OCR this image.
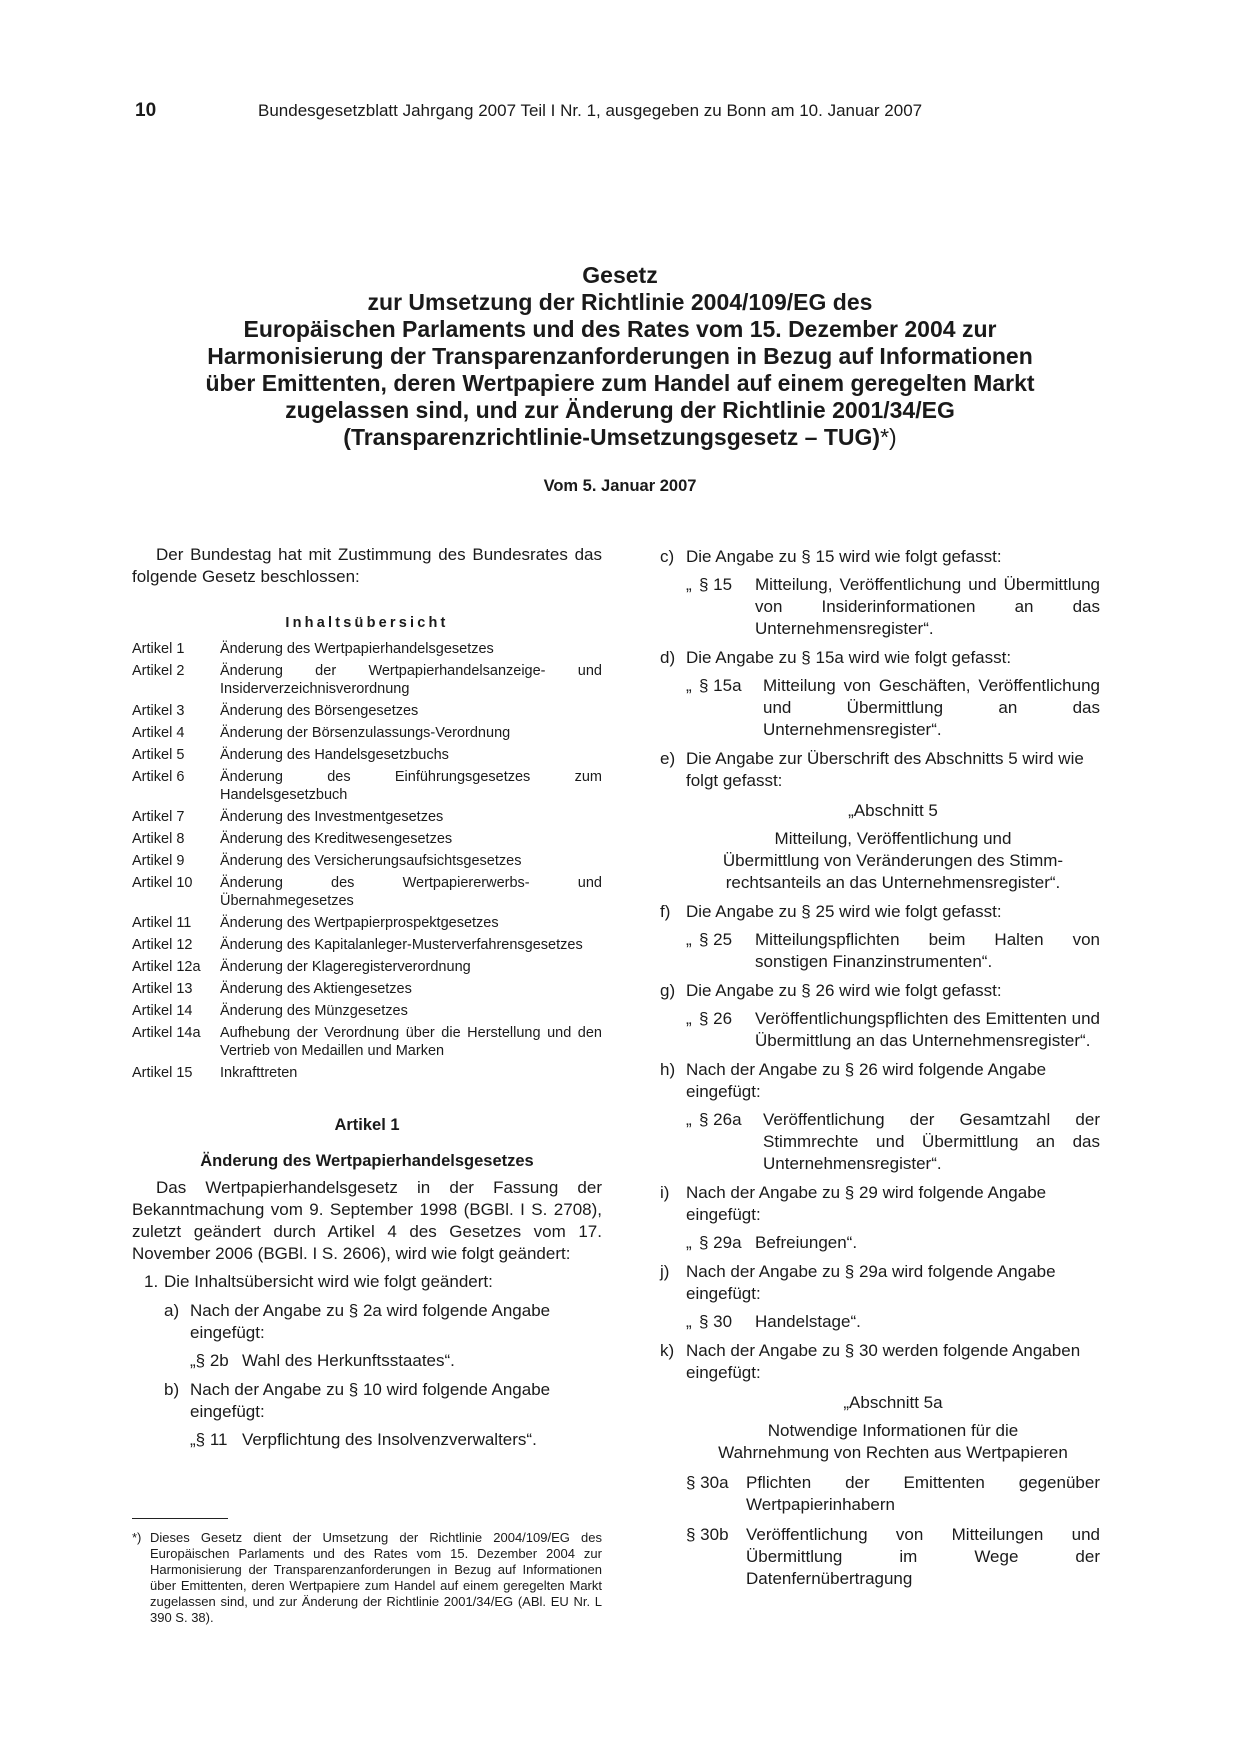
10	Bundesgesetzblatt Jahrgang 2007 Teil I Nr. 1, ausgegeben zu Bonn am 10. Januar 2007
Gesetz
zur Umsetzung der Richtlinie 2004/109/EG des
Europäischen Parlaments und des Rates vom 15. Dezember 2004 zur
Harmonisierung der Transparenzanforderungen in Bezug auf Informationen
über Emittenten, deren Wertpapiere zum Handel auf einem geregelten Markt
zugelassen sind, und zur Änderung der Richtlinie 2001/34/EG
(Transparenzrichtlinie-Umsetzungsgesetz – TUG)*)
Vom 5. Januar 2007

Der Bundestag hat mit Zustimmung des Bundesrates das folgende Gesetz beschlossen:

Inhaltsübersicht
Artikel 1	Änderung des Wertpapierhandelsgesetzes
Artikel 2	Änderung der Wertpapierhandelsanzeige- und Insiderverzeichnisverordnung
Artikel 3	Änderung des Börsengesetzes
Artikel 4	Änderung der Börsenzulassungs-Verordnung
Artikel 5	Änderung des Handelsgesetzbuchs
Artikel 6	Änderung des Einführungsgesetzes zum Handelsgesetzbuch
Artikel 7	Änderung des Investmentgesetzes
Artikel 8	Änderung des Kreditwesengesetzes
Artikel 9	Änderung des Versicherungsaufsichtsgesetzes
Artikel 10	Änderung des Wertpapiererwerbs- und Übernahmegesetzes
Artikel 11	Änderung des Wertpapierprospektgesetzes
Artikel 12	Änderung des Kapitalanleger-Musterverfahrensgesetzes
Artikel 12a	Änderung der Klageregisterverordnung
Artikel 13	Änderung des Aktiengesetzes
Artikel 14	Änderung des Münzgesetzes
Artikel 14a	Aufhebung der Verordnung über die Herstellung und den Vertrieb von Medaillen und Marken
Artikel 15	Inkrafttreten
Artikel 1
Änderung des Wertpapierhandelsgesetzes

Das Wertpapierhandelsgesetz in der Fassung der Bekanntmachung vom 9. September 1998 (BGBl. I S. 2708), zuletzt geändert durch Artikel 4 des Gesetzes vom 17. November 2006 (BGBl. I S. 2606), wird wie folgt geändert:

1. Die Inhaltsübersicht wird wie folgt geändert:
a) Nach der Angabe zu § 2a wird folgende Angabe eingefügt:
„§ 2b Wahl des Herkunftsstaates“.
b) Nach der Angabe zu § 10 wird folgende Angabe eingefügt:
„§ 11 Verpflichtung des Insolvenzverwalters“.
*) Dieses Gesetz dient der Umsetzung der Richtlinie 2004/109/EG des Europäischen Parlaments und des Rates vom 15. Dezember 2004 zur Harmonisierung der Transparenzanforderungen in Bezug auf Informationen über Emittenten, deren Wertpapiere zum Handel auf einem geregelten Markt zugelassen sind, und zur Änderung der Richtlinie 2001/34/EG (ABl. EU Nr. L 390 S. 38).
c) Die Angabe zu § 15 wird wie folgt gefasst:
„ § 15	Mitteilung, Veröffentlichung und Übermittlung von Insiderinformationen an das Unternehmensregister“.
d) Die Angabe zu § 15a wird wie folgt gefasst:
„ § 15a	Mitteilung von Geschäften, Veröffentlichung und Übermittlung an das Unternehmensregister“.
e) Die Angabe zur Überschrift des Abschnitts 5 wird wie folgt gefasst:
„Abschnitt 5
Mitteilung, Veröffentlichung und
Übermittlung von Veränderungen des Stimm-
rechtsanteils an das Unternehmensregister“.
f) Die Angabe zu § 25 wird wie folgt gefasst:
„ § 25	Mitteilungspflichten beim Halten von sonstigen Finanzinstrumenten“.
g) Die Angabe zu § 26 wird wie folgt gefasst:
„ § 26	Veröffentlichungspflichten des Emittenten und Übermittlung an das Unternehmensregister“.
h) Nach der Angabe zu § 26 wird folgende Angabe eingefügt:
„ § 26a	Veröffentlichung der Gesamtzahl der Stimmrechte und Übermittlung an das Unternehmensregister“.
i) Nach der Angabe zu § 29 wird folgende Angabe eingefügt:
„ § 29a Befreiungen“.
j) Nach der Angabe zu § 29a wird folgende Angabe eingefügt:
„ § 30	Handelstage“.
k) Nach der Angabe zu § 30 werden folgende Angaben eingefügt:
„Abschnitt 5a
Notwendige Informationen für die
Wahrnehmung von Rechten aus Wertpapieren
§ 30a	Pflichten der Emittenten gegenüber Wertpapierinhabern
§ 30b	Veröffentlichung von Mitteilungen und Übermittlung im Wege der Datenfernübertragung
